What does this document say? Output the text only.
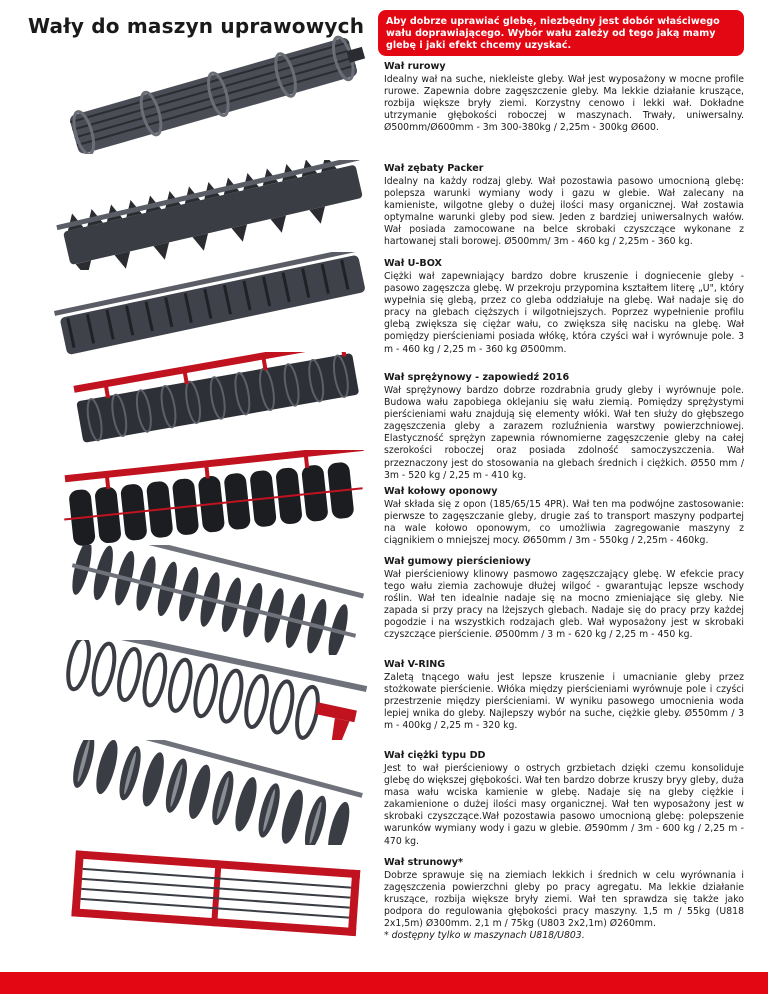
Wały do maszyn uprawowych	Aby dobrze uprawiać glebę, niezbędny jest dobór właściwego wału doprawiającego. Wybór wału zależy od tego jaką mamy glebę i jaki efekt chcemy uzyskać.
Wał rurowy

Idealny wał na suche, niekleiste gleby. Wał jest wyposażony w mocne profile rurowe. Zapewnia dobre zagęszczenie gleby. Ma lekkie działanie kruszące, rozbija większe bryły ziemi. Korzystny cenowo i lekki wał. Dokładne utrzymanie głębokości roboczej w maszynach. Trwały, uniwersalny. Ø500mm/Ø600mm - 3m 300-380kg / 2,25m - 300kg Ø600.

Wał zębaty Packer

Idealny na każdy rodzaj gleby. Wał pozostawia pasowo umocnioną glebę: polepsza warunki wymiany wody i gazu w glebie. Wał zalecany na kamieniste, wilgotne gleby o dużej ilości masy organicznej. Wał zostawia optymalne warunki gleby pod siew. Jeden z bardziej uniwersalnych wałów. Wał posiada zamocowane na belce skrobaki czyszczące wykonane z hartowanej stali borowej. Ø500mm/ 3m - 460 kg / 2,25m - 360 kg.

Wał U-BOX

Ciężki wał zapewniający bardzo dobre kruszenie i dogniecenie gleby - pasowo zagęszcza glebę. W przekroju przypomina kształtem literę „U", który wypełnia się glebą, przez co gleba oddziałuje na glebę. Wał nadaje się do pracy na glebach cięższych i wilgotniejszych. Poprzez wypełnienie profilu glebą zwiększa się ciężar wału, co zwiększa siłę nacisku na glebę. Wał pomiędzy pierścieniami posiada włókę, która czyści wał i wyrównuje pole. 3 m - 460 kg / 2,25 m - 360 kg Ø500mm.

Wał sprężynowy - zapowiedź 2016

Wał sprężynowy bardzo dobrze rozdrabnia grudy gleby i wyrównuje pole. Budowa wału zapobiega oklejaniu się wału ziemią. Pomiędzy sprężystymi pierścieniami wału znajdują się elementy włóki. Wał ten służy do głębszego zagęszczenia gleby a zarazem rozluźnienia warstwy powierzchniowej. Elastyczność sprężyn zapewnia równomierne zagęszczenie gleby na całej szerokości roboczej oraz posiada zdolność samoczyszczenia. Wał przeznaczony jest do stosowania na glebach średnich i ciężkich. Ø550 mm / 3m - 520 kg / 2,25 m - 410 kg.

Wał kołowy oponowy

Wał składa się z opon (185/65/15 4PR). Wał ten ma podwójne zastosowanie: pierwsze to zagęszczanie gleby, drugie zaś to transport maszyny podpartej na wale kołowo oponowym, co umożliwia zagregowanie maszyny z ciągnikiem o mniejszej mocy. Ø650mm / 3m - 550kg / 2,25m - 460kg.

Wał gumowy pierścieniowy

Wał pierścieniowy klinowy pasmowo zagęszczający glebę. W efekcie pracy tego wału ziemia zachowuje dłużej wilgoć - gwarantując lepsze wschody roślin. Wał ten idealnie nadaje się na mocno zmieniające się gleby. Nie zapada si przy pracy na lżejszych glebach. Nadaje się do pracy przy każdej pogodzie i na wszystkich rodzajach gleb. Wał wyposażony jest w skrobaki czyszczące pierścienie. Ø500mm / 3 m - 620 kg / 2,25 m - 450 kg.

Wał V-RING

Zaletą tnącego wału jest lepsze kruszenie i umacnianie gleby przez stożkowate pierścienie. Włóka między pierścieniami wyrównuje pole i czyści przestrzenie między pierścieniami. W wyniku pasowego umocnienia woda lepiej wnika do gleby. Najlepszy wybór na suche, ciężkie gleby. Ø550mm / 3 m - 400kg / 2,25 m - 320 kg.

Wał ciężki typu DD

Jest to wał pierścieniowy o ostrych grzbietach dzięki czemu konsoliduje glebę do większej głębokości. Wał ten bardzo dobrze kruszy bryy gleby, duża masa wału wciska kamienie w glebę. Nadaje się na gleby ciężkie i zakamienione o dużej ilości masy organicznej. Wał ten wyposażony jest w skrobaki czyszczące.Wał pozostawia pasowo umocnioną glebę: polepszenie warunków wymiany wody i gazu w glebie. Ø590mm / 3m - 600 kg / 2,25 m - 470 kg.

Wał strunowy*

Dobrze sprawuje się na ziemiach lekkich i średnich w celu wyrównania i zagęszczenia powierzchni gleby po pracy agregatu. Ma lekkie działanie kruszące, rozbija większe bryły ziemi. Wał ten sprawdza się także jako podpora do regulowania głębokości pracy maszyny. 1,5 m / 55kg (U818 2x1,5m) Ø300mm. 2,1 m / 75kg (U803 2x2,1m) Ø260mm.

* dostępny tylko w maszynach U818/U803.
